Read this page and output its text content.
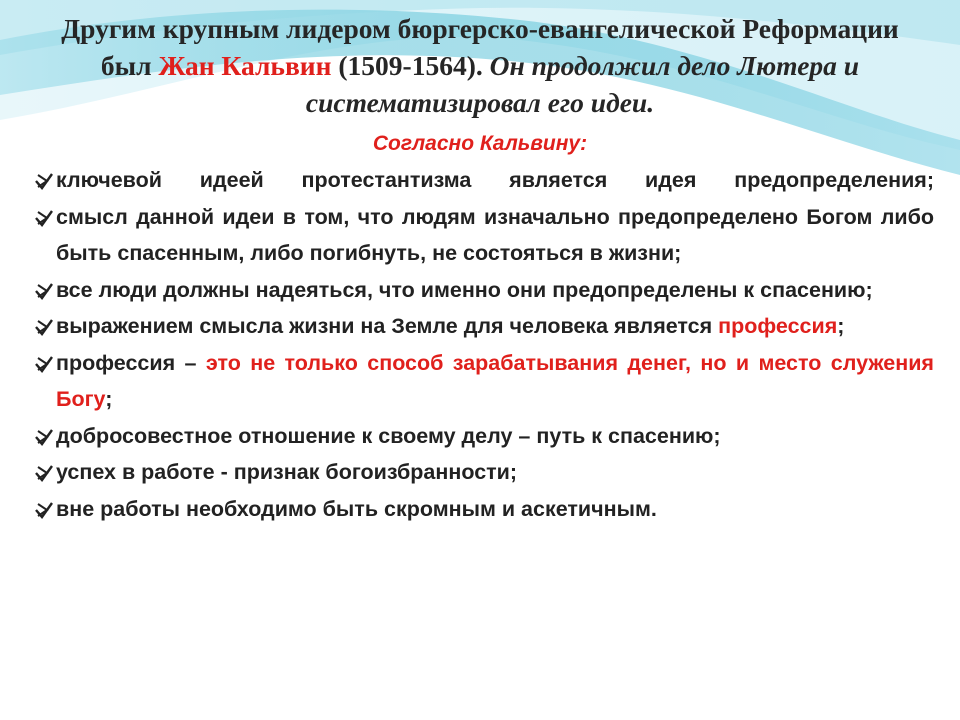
Другим крупным лидером бюргерско-евангелической Реформации был Жан Кальвин (1509-1564). Он продолжил дело Лютера и систематизировал его идеи.
Согласно Кальвину:
ключевой идеей протестантизма является идея предопределения;
смысл данной идеи в том, что людям изначально предопределено Богом либо быть спасенным, либо погибнуть, не состояться в жизни;
все люди должны надеяться, что именно они предопределены к спасению;
выражением смысла жизни на Земле для человека является профессия;
профессия – это не только способ зарабатывания денег, но и место служения Богу;
добросовестное отношение к своему делу – путь к спасению;
успех в работе - признак богоизбранности;
вне работы необходимо быть скромным и аскетичным.
